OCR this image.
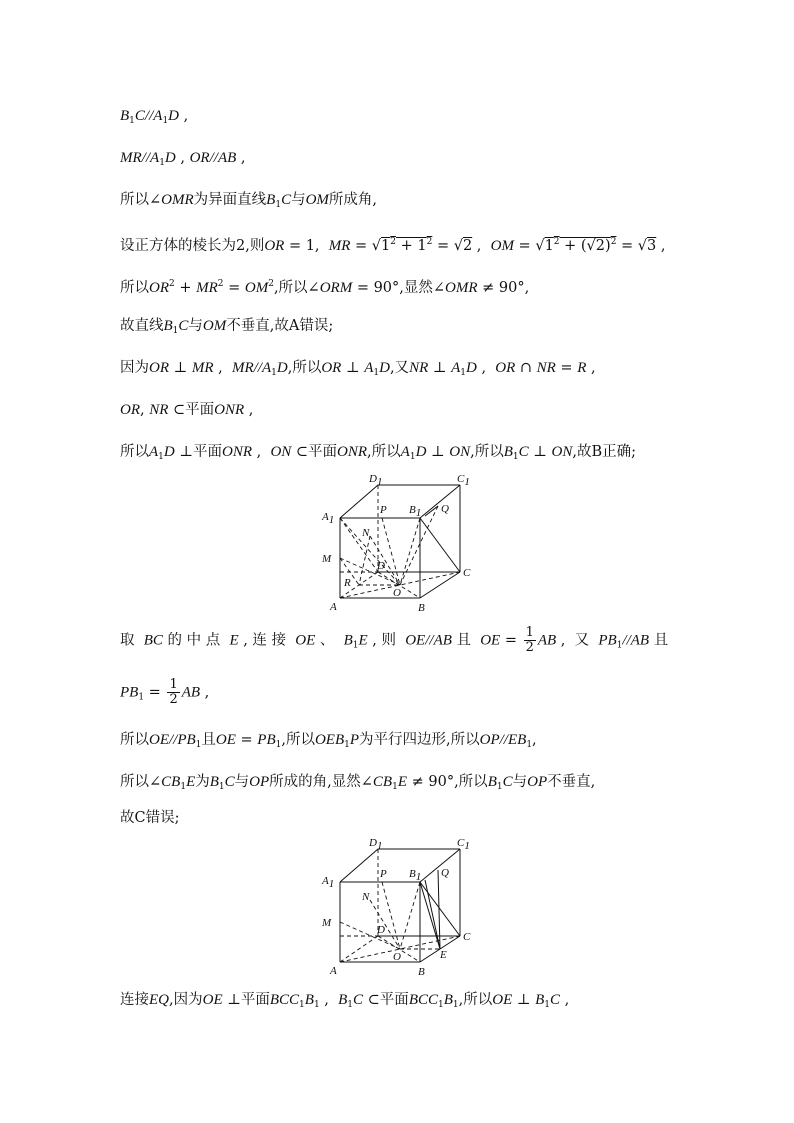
$B_1C//A_1D$ ,
$MR//A_1D$ , OR//AB ,
所以∠OMR为异面直线$B_1C$与OM所成角,
设正方体的棱长为2,则OR = 1,  MR = $√1^2 + 1^2 = √2$ ,  OM = $√1^2 + (√2)^2 = √3$ ,
所以$OR^2 + MR^2 = OM^2$,所以∠ORM = 90°,显然∠OMR ≠ 90°,
故直线$B_1C$与OM不垂直,故A错误;
因为OR ⊥ MR ,  $MR//A_1D$,所以OR ⊥ $A_1D$,又NR ⊥ $A_1D$ ,  OR ∩ NR = R ,
OR, NR ⊂平面ONR ,
所以$A_1D$ ⊥平面ONR ,  ON ⊂平面ONR,所以$A_1D$ ⊥ ON,所以$B_1C$ ⊥ ON,故B正确;
D1	C1
A1
P B1 Q
N
M
D
C
R
O
A	B
取  BC 的 中 点  E , 连 接  OE 、  $B_1E$ , 则  OE//AB 且  OE = $\frac{1}{2}$ AB ,  又  $PB_1//AB$ 且
$PB_1 = \frac{1}{2}$ AB ,
所以$OE//PB_1$且OE = $PB_1$,所以$OEB_1P$为平行四边形,所以$OP//EB_1$,
所以$\angle CB_1E$为$B_1C$与OP所成的角,显然$\angle CB_1E \ne 90^\circ$,所以$B_1C$与OP不垂直,
故C错误;
D1	C1
A1
P B1 Q
N
M
D
C
O	E
A	B
连接EQ,因为OE ⊥平面$BCC_1B_1$ ,  $B_1C$ ⊂平面$BCC_1B_1$,所以OE ⊥ $B_1C$ ,
